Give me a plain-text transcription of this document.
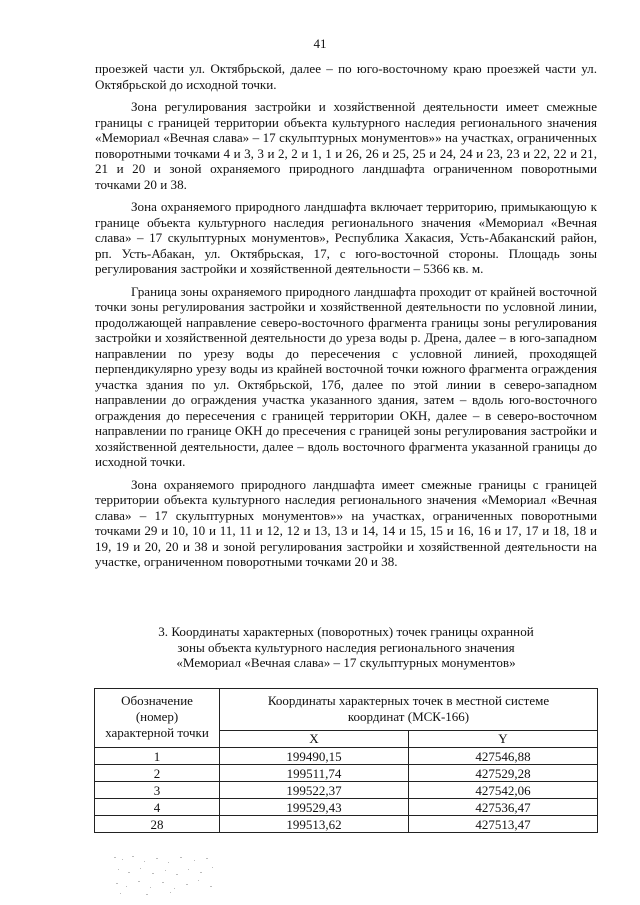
41

проезжей части ул. Октябрьской, далее – по юго-восточному краю проезжей части ул. Октябрьской до исходной точки.

Зона регулирования застройки и хозяйственной деятельности имеет смежные границы с границей территории объекта культурного наследия регионального значения «Мемориал «Вечная слава» – 17 скульптурных монументов»» на участках, ограниченных поворотными точками 4 и 3, 3 и 2, 2 и 1, 1 и 26, 26 и 25, 25 и 24, 24 и 23, 23 и 22, 22 и 21, 21 и 20 и зоной охраняемого природного ландшафта ограниченном поворотными точками 20 и 38.

Зона охраняемого природного ландшафта включает территорию, примыкающую к границе объекта культурного наследия регионального значения «Мемориал «Вечная слава» – 17 скульптурных монументов», Республика Хакасия, Усть-Абаканский район, рп. Усть-Абакан, ул. Октябрьская, 17, с юго-восточной стороны. Площадь зоны регулирования застройки и хозяйственной деятельности – 5366 кв. м.

Граница зоны охраняемого природного ландшафта проходит от крайней восточной точки зоны регулирования застройки и хозяйственной деятельности по условной линии, продолжающей направление северо-восточного фрагмента границы зоны регулирования застройки и хозяйственной деятельности до уреза воды р. Дрена, далее – в юго-западном направлении по урезу воды до пересечения с условной линией, проходящей перпендикулярно урезу воды из крайней восточной точки южного фрагмента ограждения участка здания по ул. Октябрьской, 17б, далее по этой линии в северо-западном направлении до ограждения участка указанного здания, затем – вдоль юго-восточного ограждения до пересечения с границей территории ОКН, далее – в северо-восточном направлении по границе ОКН до пресечения с границей зоны регулирования застройки и хозяйственной деятельности, далее – вдоль восточного фрагмента указанной границы до исходной точки.

Зона охраняемого природного ландшафта имеет смежные границы с границей территории объекта культурного наследия регионального значения «Мемориал «Вечная слава» – 17 скульптурных монументов»» на участках, ограниченных поворотными точками 29 и 10, 10 и 11, 11 и 12, 12 и 13, 13 и 14, 14 и 15, 15 и 16, 16 и 17, 17 и 18, 18 и 19, 19 и 20, 20 и 38 и зоной регулирования застройки и хозяйственной деятельности на участке, ограниченном поворотными точками 20 и 38.

3. Координаты характерных (поворотных) точек границы охранной
зоны объекта культурного наследия регионального значения
«Мемориал «Вечная слава» – 17 скульптурных монументов»
Обозначение
(номер)
характерной точки	Координаты характерных точек в местной системе
координат (МСК-166)	
	X	Y
1	199490,15	427546,88
2	199511,74	427529,28
3	199522,37	427542,06
4	199529,43	427536,47
28	199513,62	427513,47
